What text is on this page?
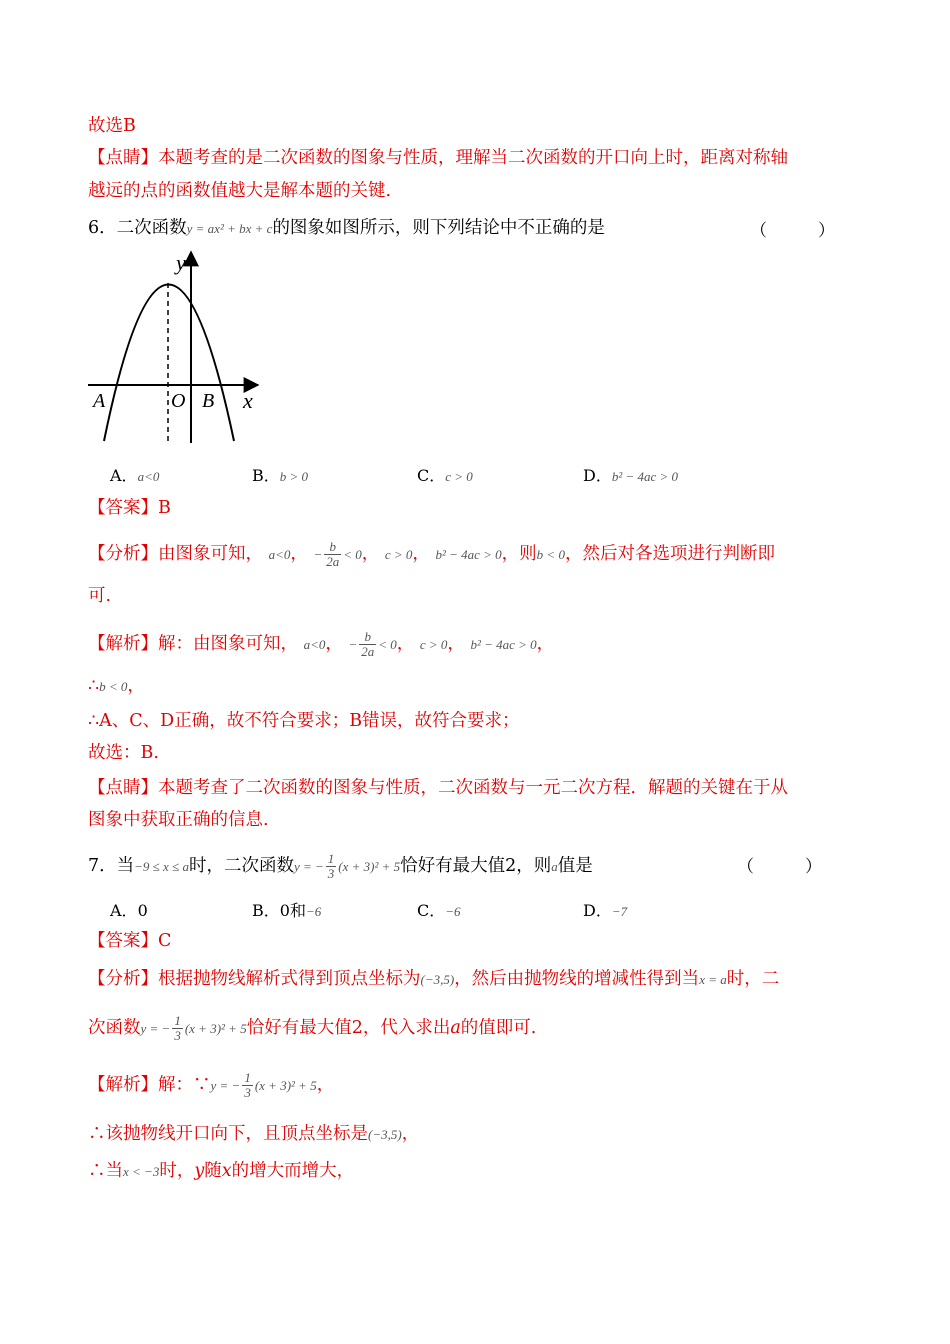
故选B
【点睛】本题考查的是二次函数的图象与性质，理解当二次函数的开口向上时，距离对称轴
越远的点的函数值越大是解本题的关键.
6．二次函数y = ax² + bx + c的图象如图所示，则下列结论中不正确的是	（　　　）
y
x
O
A	B
A．a<0	B．b > 0	C．c > 0	D．b² − 4ac > 0
【答案】B
【分析】由图象可知， a<0， − $\frac{b}{2a} < 0$， c > 0， b² − 4ac > 0，则b < 0，然后对各选项进行判断即
可.
【解析】解：由图象可知， a<0， − $\frac{b}{2a} < 0$， c > 0， b² − 4ac > 0，
∴b < 0，
∴A、C、D正确，故不符合要求；B错误，故符合要求；
故选：B.
【点睛】本题考查了二次函数的图象与性质，二次函数与一元二次方程．解题的关键在于从
图象中获取正确的信息.
7．当−9 ≤ x ≤ a时，二次函数y = − $\frac{1}{3} (x + 3)^2 + 5$恰好有最大值2，则a值是	（　　　）
A．0	B．0和−6	C．−6	D．−7
【答案】C
【分析】根据抛物线解析式得到顶点坐标为(−3,5)，然后由抛物线的增减性得到当x = a时，二
次函数y = − $\frac{1}{3} (x + 3)^2 + 5$恰好有最大值2，代入求出a的值即可.
【解析】解：∵y = − $\frac{1}{3} (x + 3)^2 + 5$，
∴该抛物线开口向下，且顶点坐标是(−3,5)，
∴当x < −3时，y随x的增大而增大，
